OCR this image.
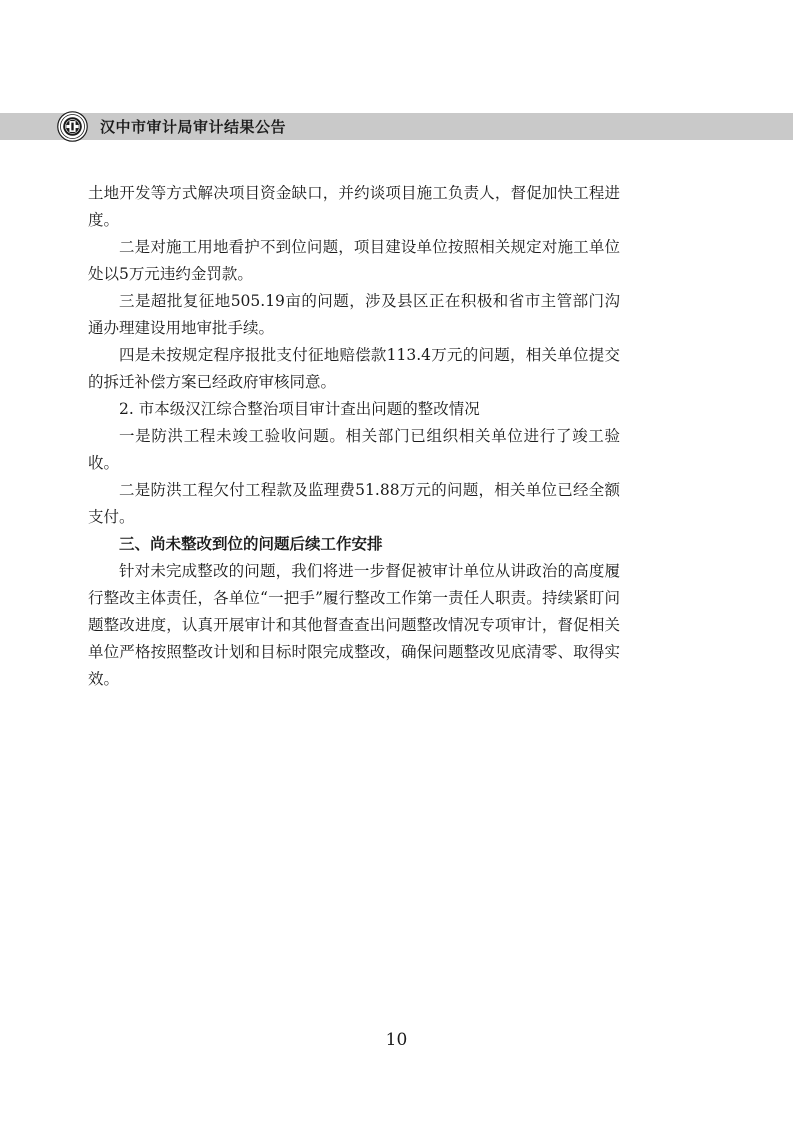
汉中市审计局审计结果公告

土地开发等方式解决项目资金缺口，并约谈项目施工负责人，督促加快工程进度。

二是对施工用地看护不到位问题，项目建设单位按照相关规定对施工单位处以5万元违约金罚款。

三是超批复征地505.19亩的问题，涉及县区正在积极和省市主管部门沟通办理建设用地审批手续。

四是未按规定程序报批支付征地赔偿款113.4万元的问题，相关单位提交的拆迁补偿方案已经政府审核同意。

2. 市本级汉江综合整治项目审计查出问题的整改情况

一是防洪工程未竣工验收问题。相关部门已组织相关单位进行了竣工验收。

二是防洪工程欠付工程款及监理费51.88万元的问题，相关单位已经全额支付。

三、尚未整改到位的问题后续工作安排

针对未完成整改的问题，我们将进一步督促被审计单位从讲政治的高度履行整改主体责任，各单位“一把手”履行整改工作第一责任人职责。持续紧盯问题整改进度，认真开展审计和其他督查查出问题整改情况专项审计，督促相关单位严格按照整改计划和目标时限完成整改，确保问题整改见底清零、取得实效。

10
